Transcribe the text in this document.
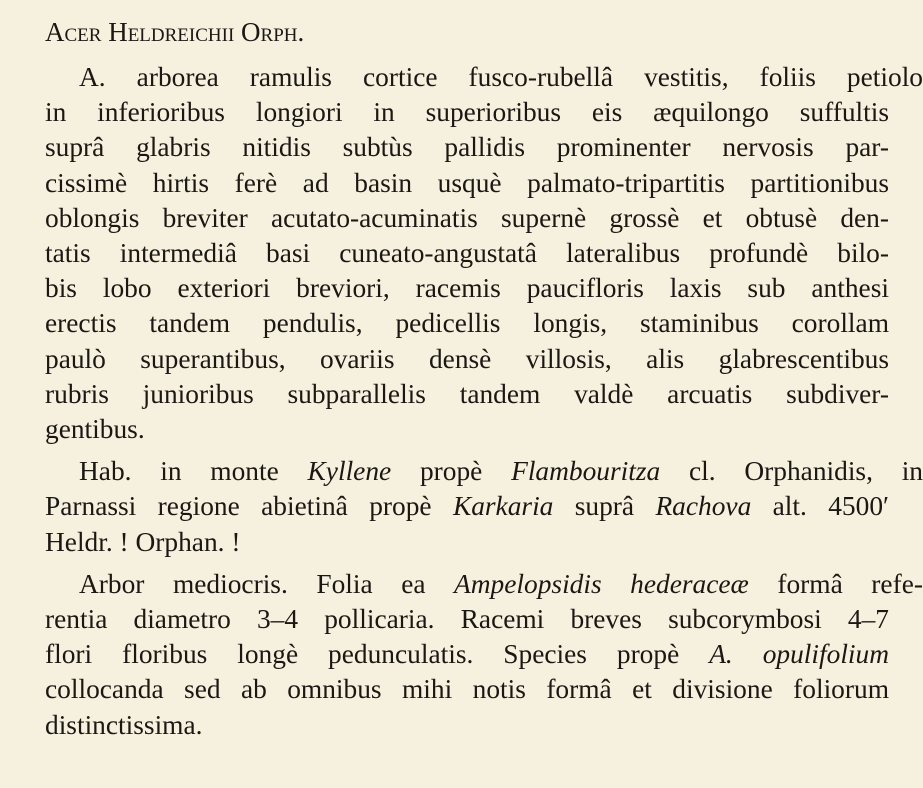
Acer Heldreichii Orph.

A. arborea ramulis cortice fusco-rubellâ vestitis, foliis petiolo
in inferioribus longiori in superioribus eis æquilongo suffultis
suprâ glabris nitidis subtùs pallidis prominenter nervosis par-
cissimè hirtis ferè ad basin usquè palmato-tripartitis partitionibus
oblongis breviter acutato-acuminatis supernè grossè et obtusè den-
tatis intermediâ basi cuneato-angustatâ lateralibus profundè bilo-
bis lobo exteriori breviori, racemis paucifloris laxis sub anthesi
erectis tandem pendulis, pedicellis longis, staminibus corollam
paulò superantibus, ovariis densè villosis, alis glabrescentibus
rubris junioribus subparallelis tandem valdè arcuatis subdiver-
gentibus.

Hab. in monte Kyllene propè Flambouritza cl. Orphanidis, in
Parnassi regione abietinâ propè Karkaria suprâ Rachova alt. 4500′
Heldr. ! Orphan. !

Arbor mediocris. Folia ea Ampelopsidis hederaceæ formâ refe-
rentia diametro 3–4 pollicaria. Racemi breves subcorymbosi 4–7
flori floribus longè pedunculatis. Species propè A. opulifolium
collocanda sed ab omnibus mihi notis formâ et divisione foliorum
distinctissima.
